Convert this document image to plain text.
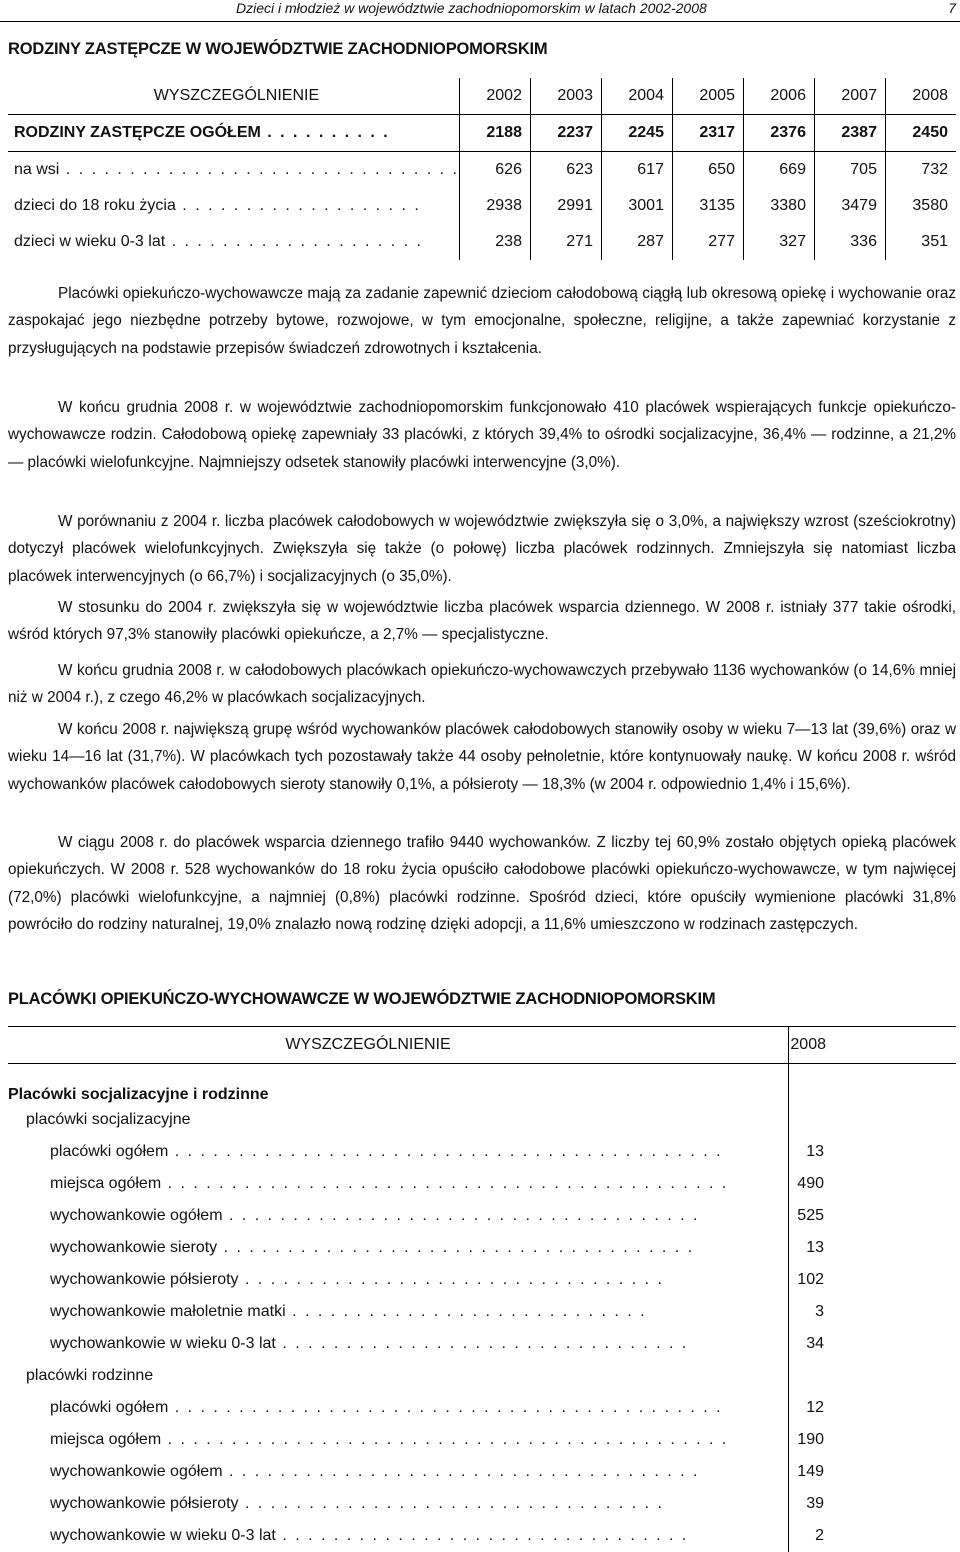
Dzieci i młodzież w województwie zachodniopomorskim w latach 2002-2008	7
RODZINY ZASTĘPCZE W WOJEWÓDZTWIE ZACHODNIOPOMORSKIM
WYSZCZEGÓLNIENIE	2002	2003	2004	2005	2006	2007	2008
RODZINY ZASTĘPCZE OGÓŁEM . . . . . . . . . .	2188	2237	2245	2317	2376	2387	2450
na wsi . . . . . . . . . . . . . . . . . . . . . . . . . . . . . . .	626	623	617	650	669	705	732
dzieci do 18 roku życia . . . . . . . . . . . . . . . . . . .	2938	2991	3001	3135	3380	3479	3580
dzieci w wieku 0-3 lat . . . . . . . . . . . . . . . . . . . .	238	271	287	277	327	336	351

Placówki opiekuńczo-wychowawcze mają za zadanie zapewnić dzieciom całodobową ciągłą lub okresową opiekę i wychowanie oraz zaspokajać jego niezbędne potrzeby bytowe, rozwojowe, w tym emocjonalne, społeczne, religijne, a także zapewniać korzystanie z przysługujących na podstawie przepisów świadczeń zdrowotnych i kształcenia.

W końcu grudnia 2008 r. w województwie zachodniopomorskim funkcjonowało 410 placówek wspierających funkcje opiekuńczo-wychowawcze rodzin. Całodobową opiekę zapewniały 33 placówki, z których 39,4% to ośrodki socjalizacyjne, 36,4% — rodzinne, a 21,2% — placówki wielofunkcyjne. Najmniejszy odsetek stanowiły placówki interwencyjne (3,0%).

W porównaniu z 2004 r. liczba placówek całodobowych w województwie zwiększyła się o 3,0%, a największy wzrost (sześciokrotny) dotyczył placówek wielofunkcyjnych. Zwiększyła się także (o połowę) liczba placówek rodzinnych. Zmniejszyła się natomiast liczba placówek interwencyjnych (o 66,7%) i socjalizacyjnych (o 35,0%).

W stosunku do 2004 r. zwiększyła się w województwie liczba placówek wsparcia dziennego. W 2008 r. istniały 377 takie ośrodki, wśród których 97,3% stanowiły placówki opiekuńcze, a 2,7% — specjalistyczne.

W końcu grudnia 2008 r. w całodobowych placówkach opiekuńczo-wychowawczych przebywało 1136 wychowanków (o 14,6% mniej niż w 2004 r.), z czego 46,2% w placówkach socjalizacyjnych.

W końcu 2008 r. największą grupę wśród wychowanków placówek całodobowych stanowiły osoby w wieku 7—13 lat (39,6%) oraz w wieku 14—16 lat (31,7%). W placówkach tych pozostawały także 44 osoby pełnoletnie, które kontynuowały naukę. W końcu 2008 r. wśród wychowanków placówek całodobowych sieroty stanowiły 0,1%, a półsieroty — 18,3% (w 2004 r. odpowiednio 1,4% i 15,6%).

W ciągu 2008 r. do placówek wsparcia dziennego trafiło 9440 wychowanków. Z liczby tej 60,9% zostało objętych opieką placówek opiekuńczych. W 2008 r. 528 wychowanków do 18 roku życia opuściło całodobowe placówki opiekuńczo-wychowawcze, w tym najwięcej (72,0%) placówki wielofunkcyjne, a najmniej (0,8%) placówki rodzinne. Spośród dzieci, które opuściły wymienione placówki 31,8% powróciło do rodziny naturalnej, 19,0% znalazło nową rodzinę dzięki adopcji, a 11,6% umieszczono w rodzinach zastępczych.

PLACÓWKI OPIEKUŃCZO-WYCHOWAWCZE W WOJEWÓDZTWIE ZACHODNIOPOMORSKIM
WYSZCZEGÓLNIENIE	2008
Placówki socjalizacyjne i rodzinne	
placówki socjalizacyjne	
placówki ogółem . . . . . . . . . . . . . . . . . . . . . . . . . . . . . . . . . . . . . . . . . . .	13
miejsca ogółem . . . . . . . . . . . . . . . . . . . . . . . . . . . . . . . . . . . . . . . . . . . .	490
wychowankowie ogółem . . . . . . . . . . . . . . . . . . . . . . . . . . . . . . . . . . . . .	525
wychowankowie sieroty . . . . . . . . . . . . . . . . . . . . . . . . . . . . . . . . . . . . .	13
wychowankowie półsieroty . . . . . . . . . . . . . . . . . . . . . . . . . . . . . . . . .	102
wychowankowie małoletnie matki . . . . . . . . . . . . . . . . . . . . . . . . . . . .	3
wychowankowie w wieku 0-3 lat . . . . . . . . . . . . . . . . . . . . . . . . . . . . . . . .	34
placówki rodzinne	
placówki ogółem . . . . . . . . . . . . . . . . . . . . . . . . . . . . . . . . . . . . . . . . . . .	12
miejsca ogółem . . . . . . . . . . . . . . . . . . . . . . . . . . . . . . . . . . . . . . . . . . . .	190
wychowankowie ogółem . . . . . . . . . . . . . . . . . . . . . . . . . . . . . . . . . . . . .	149
wychowankowie półsieroty . . . . . . . . . . . . . . . . . . . . . . . . . . . . . . . . .	39
wychowankowie w wieku 0-3 lat . . . . . . . . . . . . . . . . . . . . . . . . . . . . . . . .	2
